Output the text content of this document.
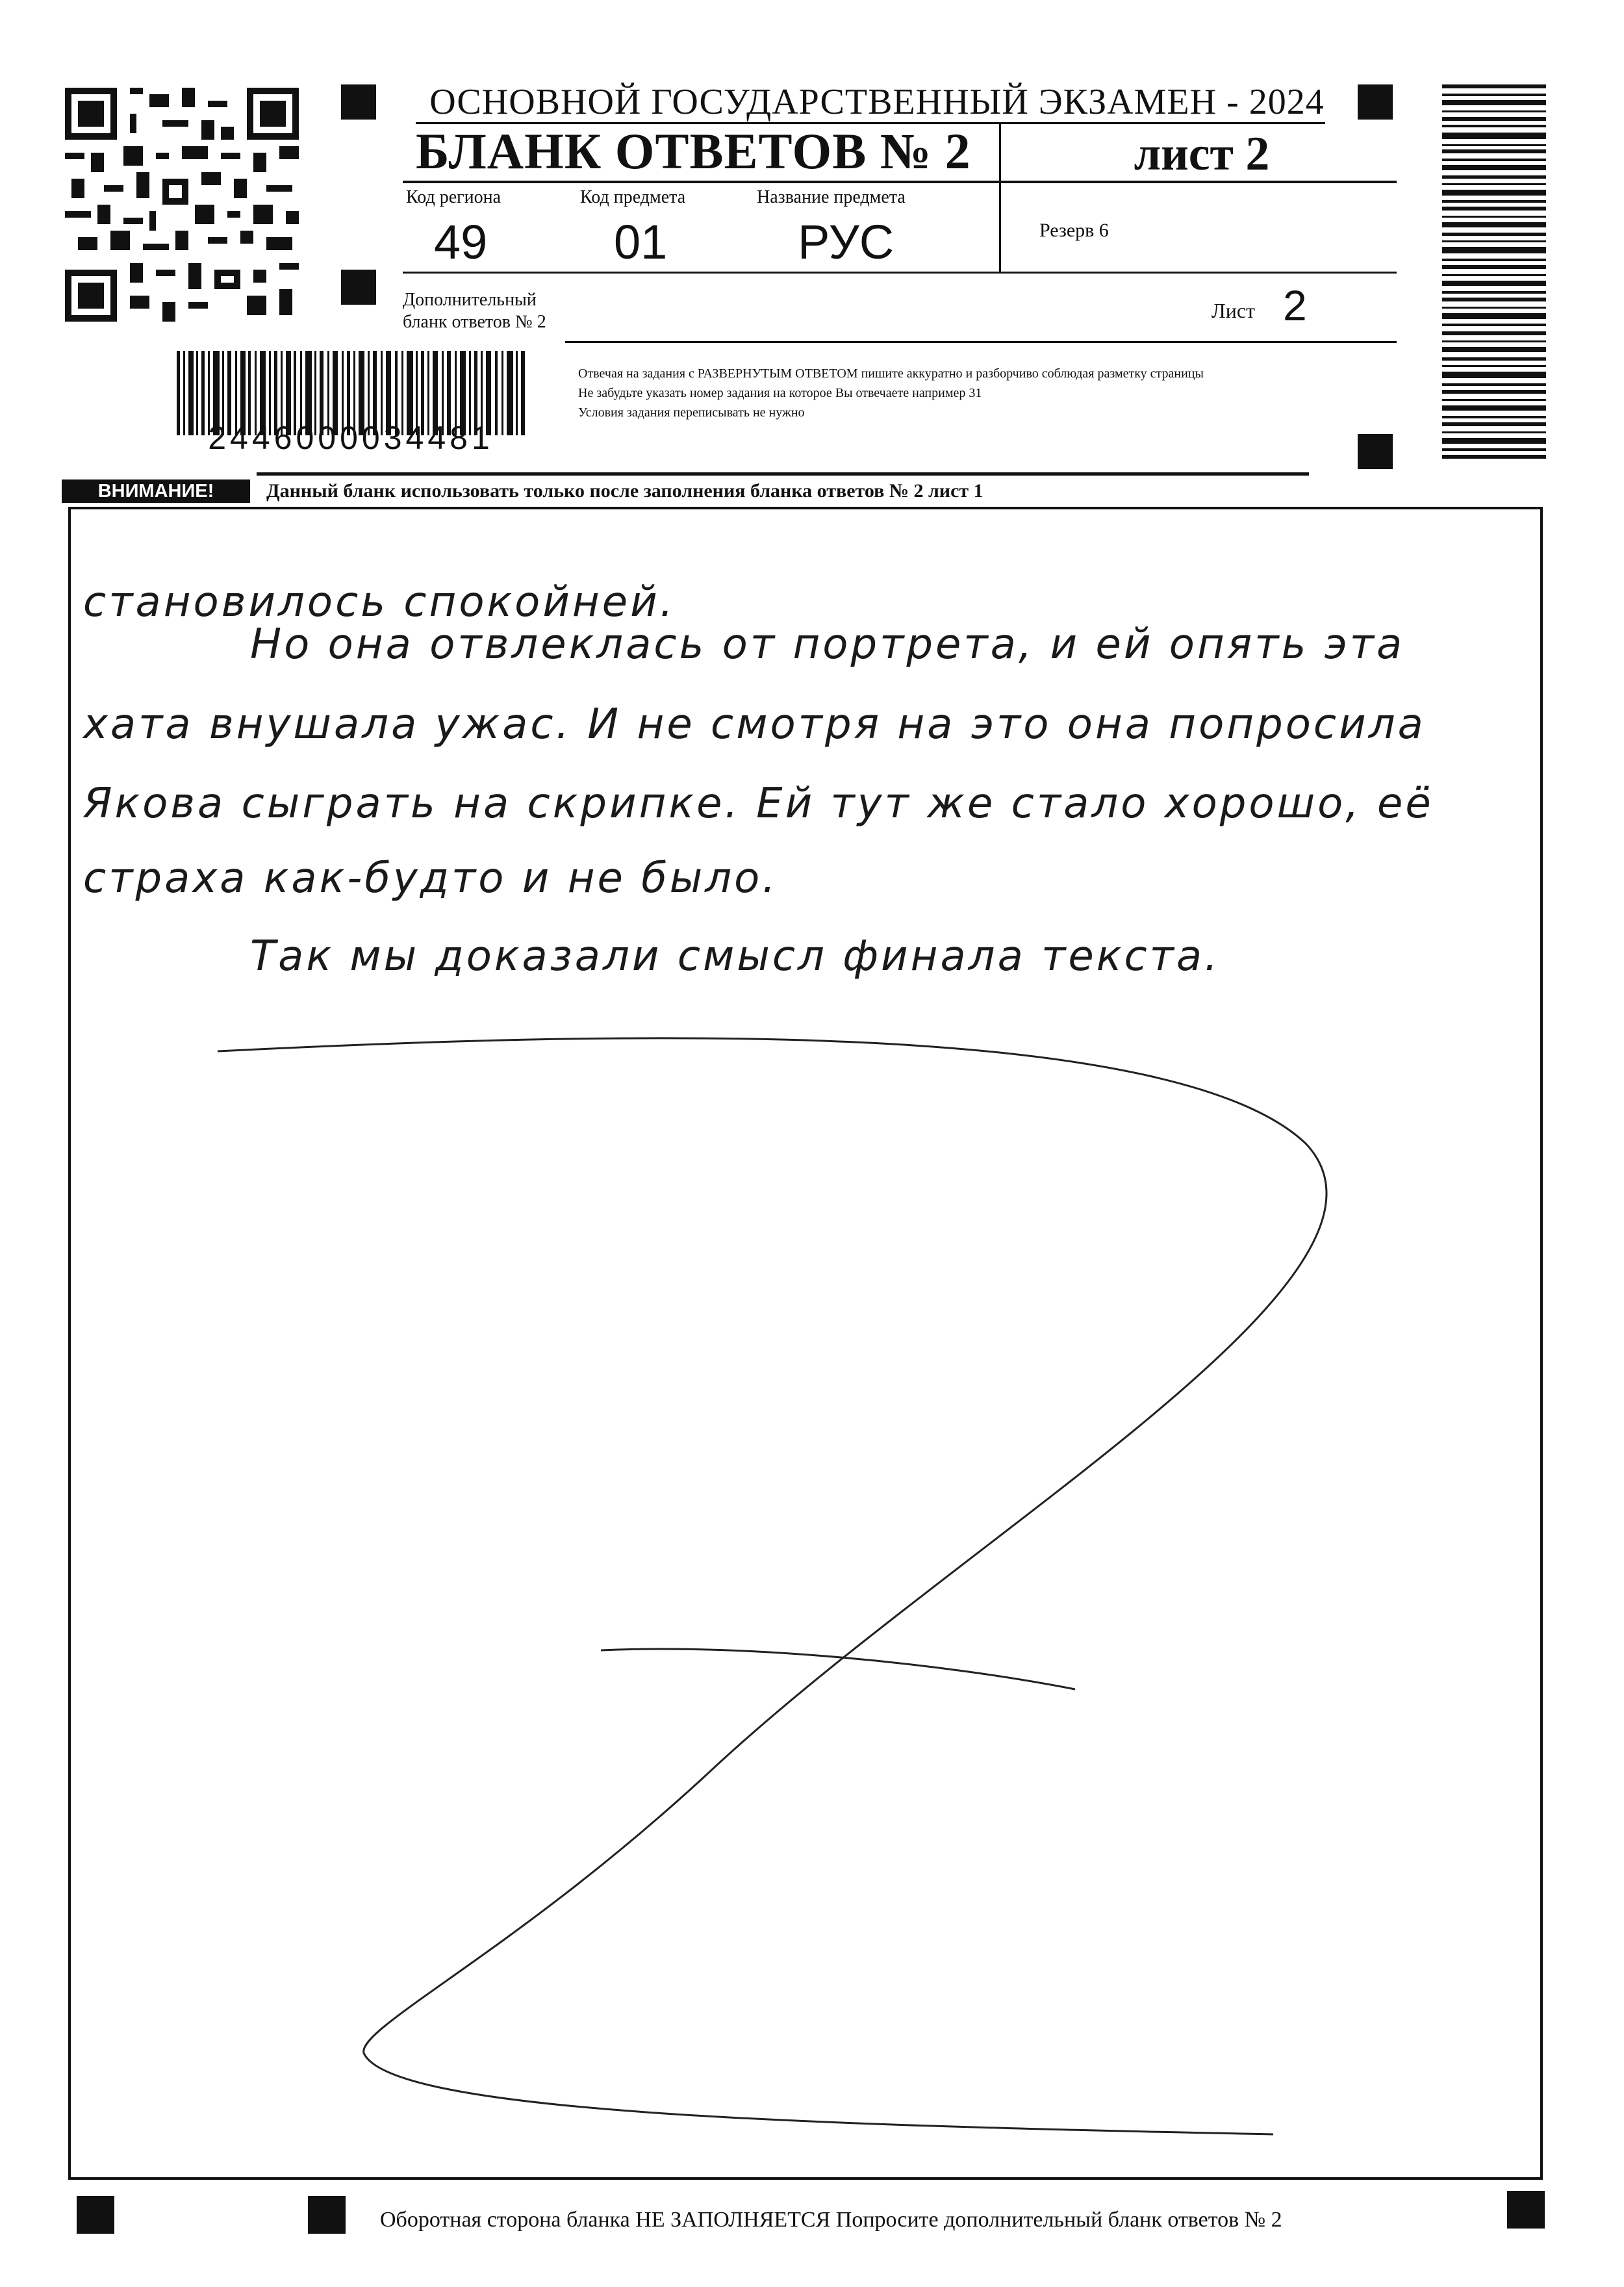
2446000034481
ОСНОВНОЙ ГОСУДАРСТВЕННЫЙ ЭКЗАМЕН - 2024
БЛАНК ОТВЕТОВ № 2	лист 2
Код региона
49
Код предмета
01
Название предмета
РУС	Резерв 6
Дополнительный
бланк ответов № 2	Лист 2
Отвечая на задания с РАЗВЕРНУТЫМ ОТВЕТОМ пишите аккуратно и разборчиво соблюдая разметку страницы
Не забудьте указать номер задания на которое Вы отвечаете например 31
Условия задания переписывать не нужно
ВНИМАНИЕ!	Данный бланк использовать только после заполнения бланка ответов № 2 лист 1
становилось спокойней.
Но она отвлеклась от портрета, и ей опять эта
хата внушала ужас. И не смотря на это она попросила
Якова сыграть на скрипке. Ей тут же стало хорошо, её
страха как-будто и не было.
Так мы доказали смысл финала текста.
Оборотная сторона бланка НЕ ЗАПОЛНЯЕТСЯ Попросите дополнительный бланк ответов № 2
